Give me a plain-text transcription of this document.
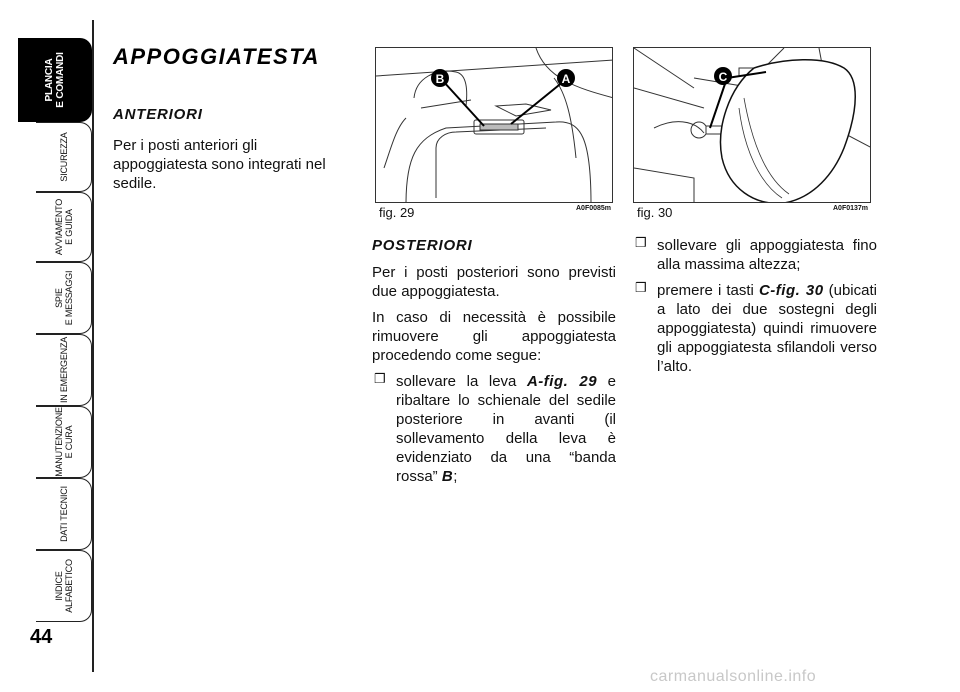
PLANCIA
E COMANDI
SICUREZZA
AVVIAMENTO
E GUIDA
SPIE
E MESSAGGI
IN EMERGENZA
MANUTENZIONE
E CURA
DATI TECNICI
INDICE
ALFABETICO
44
APPOGGIATESTA
ANTERIORI
Per i posti anteriori gli appoggiatesta sono integrati nel sedile.
B	A
fig. 29	A0F0085m
C
fig. 30	A0F0137m
POSTERIORI

Per i posti posteriori sono previsti due appoggiatesta.

In caso di necessità è possibile rimuovere gli appoggiatesta procedendo come segue:

❒ sollevare la leva A-fig. 29 e ribaltare lo schienale del sedile posteriore in avanti (il sollevamento della leva è evidenziato da una “banda rossa” B;
❒ sollevare gli appoggiatesta fino alla massima altezza;
❒ premere i tasti C-fig. 30 (ubicati a lato dei due sostegni degli appoggiatesta) quindi rimuovere gli appoggiatesta sfilandoli verso l’alto.
carmanualsonline.info
